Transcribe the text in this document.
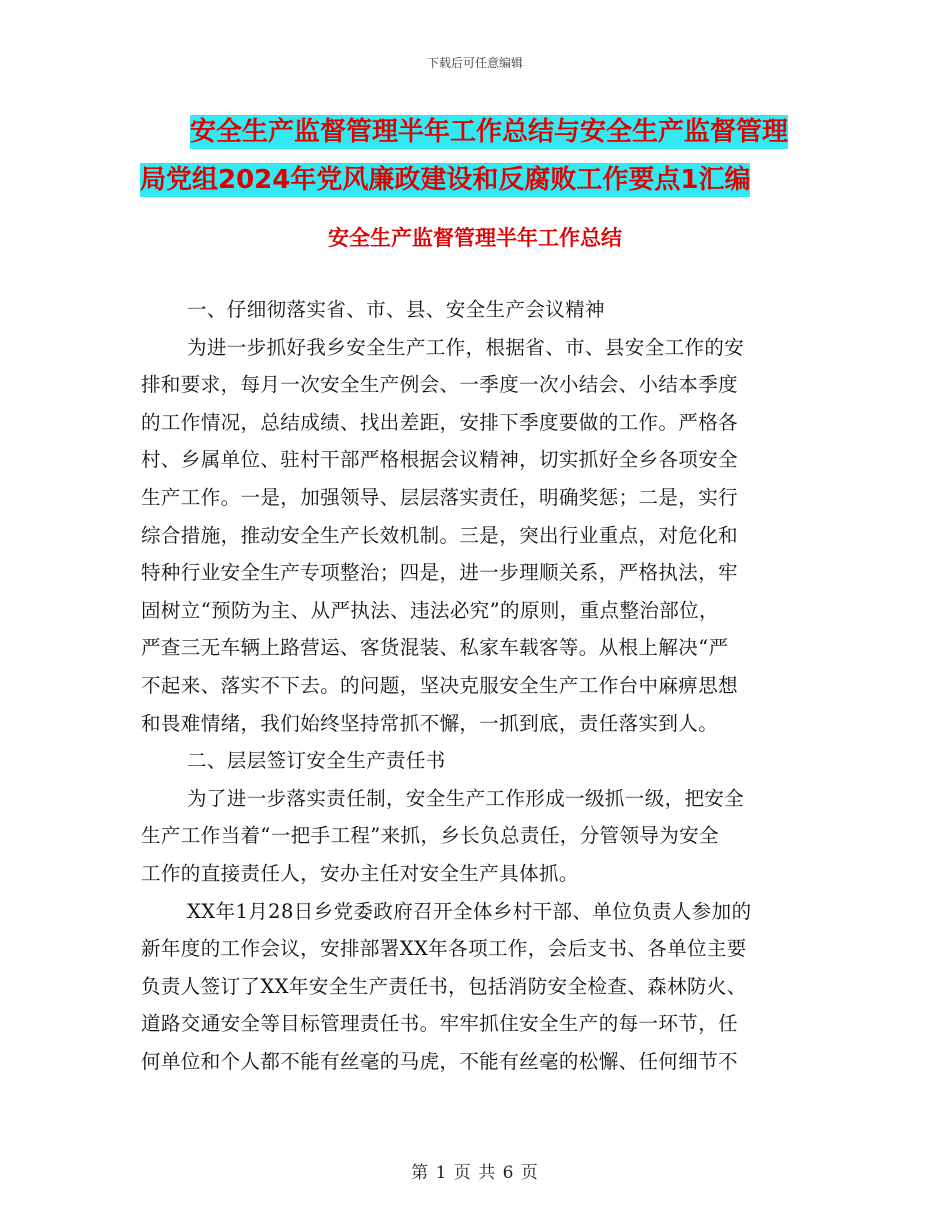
下载后可任意编辑
安全生产监督管理半年工作总结与安全生产监督管理
局党组2024年党风廉政建设和反腐败工作要点1汇编
安全生产监督管理半年工作总结
一、仔细彻落实省、市、县、安全生产会议精神
为进一步抓好我乡安全生产工作，根据省、市、县安全工作的安
排和要求，每月一次安全生产例会、一季度一次小结会、小结本季度
的工作情况，总结成绩、找出差距，安排下季度要做的工作。严格各
村、乡属单位、驻村干部严格根据会议精神，切实抓好全乡各项安全
生产工作。一是，加强领导、层层落实责任，明确奖惩；二是，实行
综合措施，推动安全生产长效机制。三是，突出行业重点，对危化和
特种行业安全生产专项整治；四是，进一步理顺关系，严格执法，牢
固树立“预防为主、从严执法、违法必究”的原则，重点整治部位，
严查三无车辆上路营运、客货混装、私家车载客等。从根上解决“严
不起来、落实不下去。的问题，坚决克服安全生产工作台中麻痹思想
和畏难情绪，我们始终坚持常抓不懈，一抓到底，责任落实到人。
二、层层签订安全生产责任书
为了进一步落实责任制，安全生产工作形成一级抓一级，把安全
生产工作当着“一把手工程”来抓，乡长负总责任，分管领导为安全
工作的直接责任人，安办主任对安全生产具体抓。
XX年1月28日乡党委政府召开全体乡村干部、单位负责人参加的
新年度的工作会议，安排部署XX年各项工作，会后支书、各单位主要
负责人签订了XX年安全生产责任书，包括消防安全检查、森林防火、
道路交通安全等目标管理责任书。牢牢抓住安全生产的每一环节，任
何单位和个人都不能有丝毫的马虎，不能有丝毫的松懈、任何细节不
第 1 页 共 6 页
